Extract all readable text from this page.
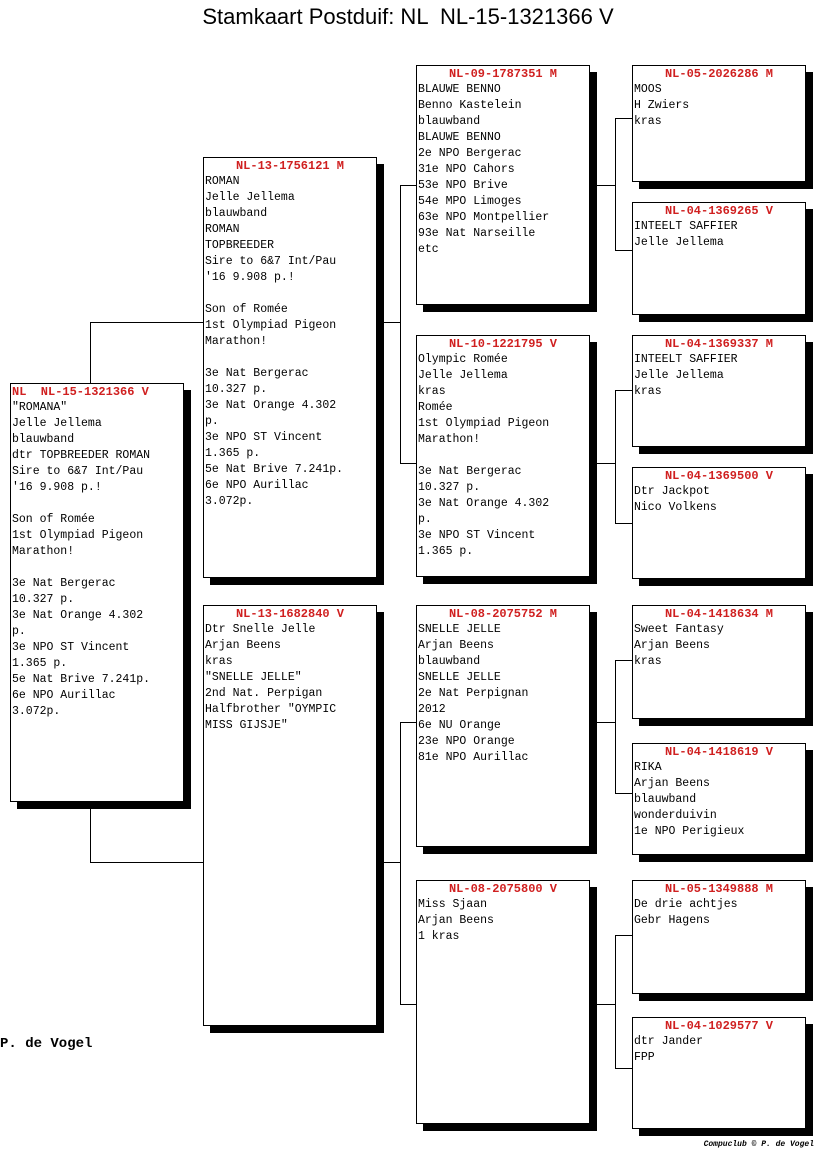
Stamkaart Postduif: NL  NL-15-1321366 V
NL  NL-15-1321366 V
"ROMANA"
Jelle Jellema
blauwband
dtr TOPBREEDER ROMAN
Sire to 6&7 Int/Pau
'16 9.908 p.!
Son of Romée
1st Olympiad Pigeon
Marathon!
3e Nat Bergerac
10.327 p.
3e Nat Orange 4.302
p.
3e NPO ST Vincent
1.365 p.
5e Nat Brive 7.241p.
6e NPO Aurillac
3.072p.
NL-13-1756121 M
ROMAN
Jelle Jellema
blauwband
ROMAN
TOPBREEDER
Sire to 6&7 Int/Pau
'16 9.908 p.!
Son of Romée
1st Olympiad Pigeon
Marathon!
3e Nat Bergerac
10.327 p.
3e Nat Orange 4.302
p.
3e NPO ST Vincent
1.365 p.
5e Nat Brive 7.241p.
6e NPO Aurillac
3.072p.
NL-13-1682840 V
Dtr Snelle Jelle
Arjan Beens
kras
"SNELLE JELLE"
2nd Nat. Perpigan
Halfbrother "OYMPIC
MISS GIJSJE"
NL-09-1787351 M
BLAUWE BENNO
Benno Kastelein
blauwband
BLAUWE BENNO
2e NPO Bergerac
31e NPO Cahors
53e NPO Brive
54e MPO Limoges
63e NPO Montpellier
93e Nat Narseille
etc
NL-10-1221795 V
Olympic Romée
Jelle Jellema
kras
Romée
1st Olympiad Pigeon
Marathon!
3e Nat Bergerac
10.327 p.
3e Nat Orange 4.302
p.
3e NPO ST Vincent
1.365 p.
NL-08-2075752 M
SNELLE JELLE
Arjan Beens
blauwband
SNELLE JELLE
2e Nat Perpignan
2012
6e NU Orange
23e NPO Orange
81e NPO Aurillac
NL-08-2075800 V
Miss Sjaan
Arjan Beens
1 kras
NL-05-2026286 M
MOOS
H Zwiers
kras
NL-04-1369265 V
INTEELT SAFFIER
Jelle Jellema
NL-04-1369337 M
INTEELT SAFFIER
Jelle Jellema
kras
NL-04-1369500 V
Dtr Jackpot
Nico Volkens
NL-04-1418634 M
Sweet Fantasy
Arjan Beens
kras
NL-04-1418619 V
RIKA
Arjan Beens
blauwband
wonderduivin
1e NPO Perigieux
NL-05-1349888 M
De drie achtjes
Gebr Hagens
NL-04-1029577 V
dtr Jander
FPP
P. de Vogel
Compuclub © P. de Vogel
